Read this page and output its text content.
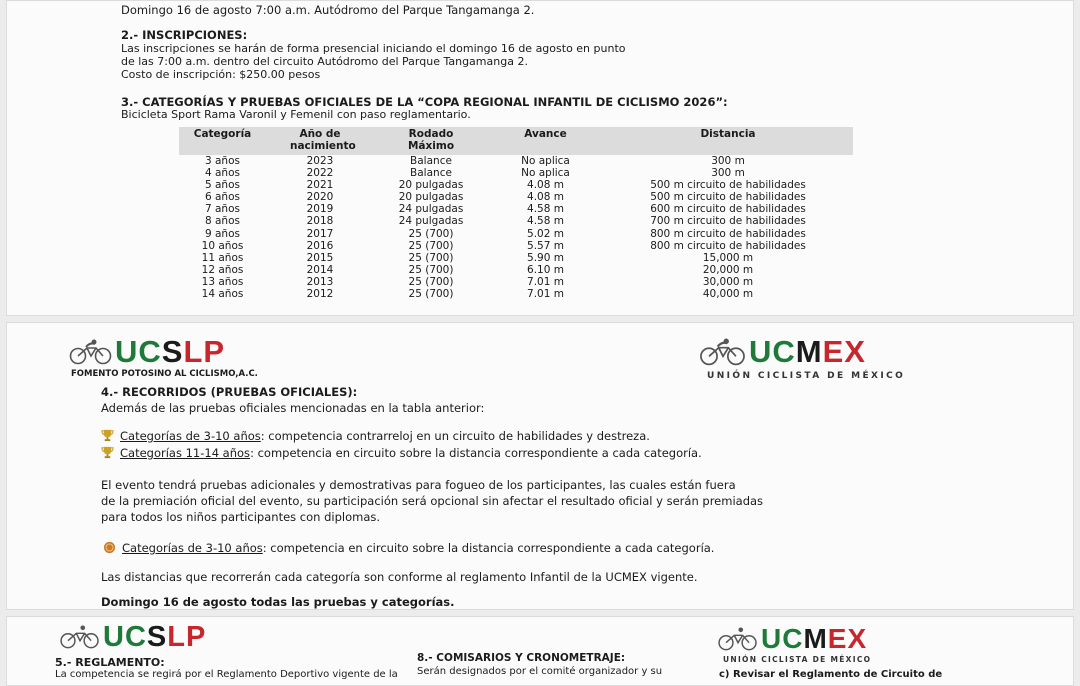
Domingo 16 de agosto 7:00 a.m. Autódromo del Parque Tangamanga 2.
2.- INSCRIPCIONES:
Las inscripciones se harán de forma presencial iniciando el domingo 16 de agosto en punto
de las 7:00 a.m. dentro del circuito Autódromo del Parque Tangamanga 2.
Costo de inscripción: $250.00 pesos
3.- CATEGORÍAS Y PRUEBAS OFICIALES DE LA “COPA REGIONAL INFANTIL DE CICLISMO 2026”:
Bicicleta Sport Rama Varonil y Femenil con paso reglamentario.
Categoría	Año de nacimiento	Rodado Máximo	Avance	Distancia
3 años	2023	Balance	No aplica	300 m
4 años	2022	Balance	No aplica	300 m
5 años	2021	20 pulgadas	4.08 m	500 m circuito de habilidades
6 años	2020	20 pulgadas	4.08 m	500 m circuito de habilidades
7 años	2019	24 pulgadas	4.58 m	600 m circuito de habilidades
8 años	2018	24 pulgadas	4.58 m	700 m circuito de habilidades
9 años	2017	25 (700)	5.02 m	800 m circuito de habilidades
10 años	2016	25 (700)	5.57 m	800 m circuito de habilidades
11 años	2015	25 (700)	5.90 m	15,000 m
12 años	2014	25 (700)	6.10 m	20,000 m
13 años	2013	25 (700)	7.01 m	30,000 m
14 años	2012	25 (700)	7.01 m	40,000 m
UCSLP
FOMENTO POTOSINO AL CICLISMO,A.C.
UCMEX
UNIÓN CICLISTA DE MÉXICO
4.- RECORRIDOS (PRUEBAS OFICIALES):
Además de las pruebas oficiales mencionadas en la tabla anterior:
Categorías de 3-10 años: competencia contrarreloj en un circuito de habilidades y destreza.
Categorías 11-14 años: competencia en circuito sobre la distancia correspondiente a cada categoría.
El evento tendrá pruebas adicionales y demostrativas para fogueo de los participantes, las cuales están fuera
de la premiación oficial del evento, su participación será opcional sin afectar el resultado oficial y serán premiadas
para todos los niños participantes con diplomas.
Categorías de 3-10 años: competencia en circuito sobre la distancia correspondiente a cada categoría.
Las distancias que recorrerán cada categoría son conforme al reglamento Infantil de la UCMEX vigente.
Domingo 16 de agosto todas las pruebas y categorías.
UCSLP
5.- REGLAMENTO:
La competencia se regirá por el Reglamento Deportivo vigente de la
8.- COMISARIOS Y CRONOMETRAJE:
Serán designados por el comité organizador y su
UCMEX
UNIÓN CICLISTA DE MÉXICO
c) Revisar el Reglamento de Circuito de
